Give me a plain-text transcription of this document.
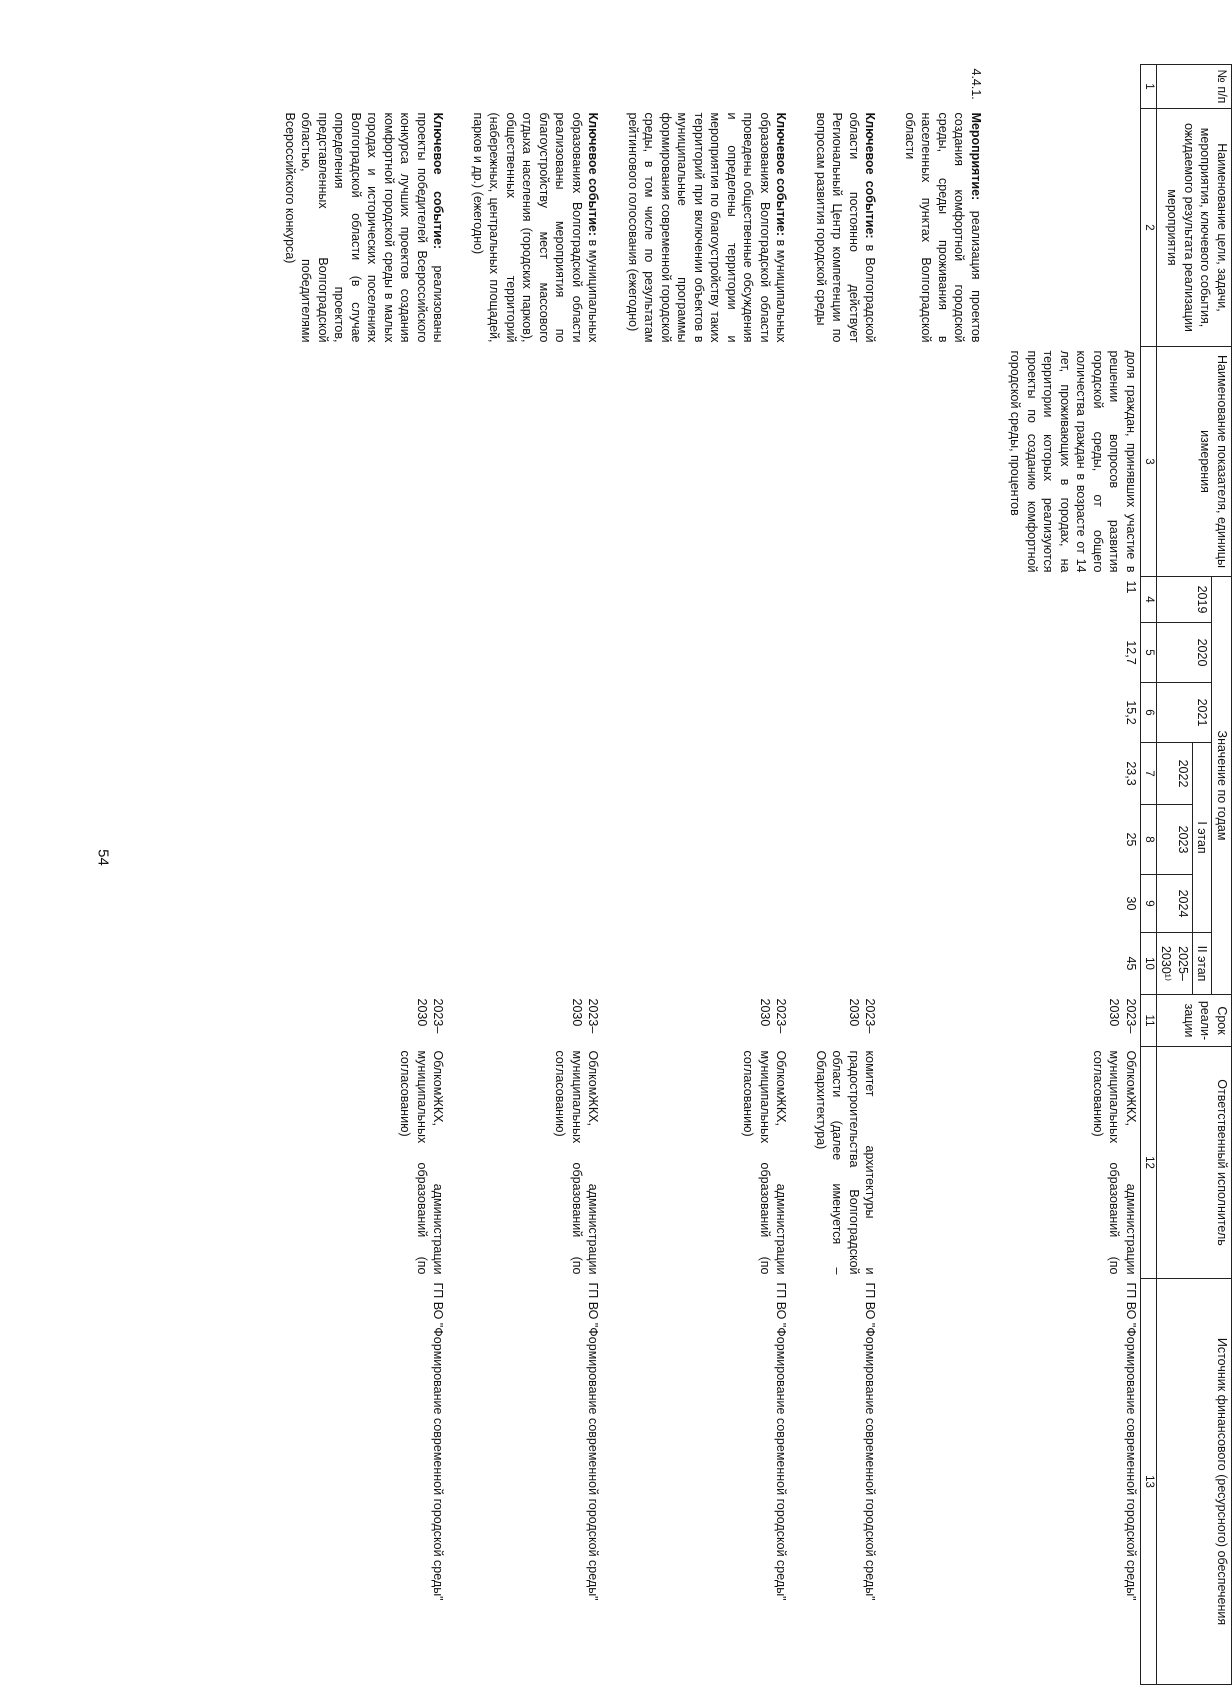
54
№ п/п	Наименование цели, задачи, мероприятия, ключевого события, ожидаемого результата реализации мероприятия	Наименование показателя, единицы измерения	Значение по годам							Срок реали-зации	Ответственный исполнитель	Источник финансового (ресурсного) обеспечения
			2019	2020	2021	I этап			II этап			
						2022	2023	2024	2025–2030¹⁾			
1	2	3	4	5	6	7	8	9	10	11	12	13
		доля граждан, принявших участие в решении вопросов развития городской среды, от общего количества граждан в возрасте от 14 лет, проживающих в городах, на территории которых реализуются проекты по созданию комфортной городской среды, процентов	11	12,7	15,2	23,3	25	30	45	2023–2030	ОблкомЖКХ, администрации муниципальных образований (по согласованию)	ГП ВО "Формирование современной городской среды"
4.4.1.	Мероприятие: реализация проектов создания комфортной городской среды, среды проживания в населенных пунктах Волгоградской области											
	Ключевое событие: в Волгоградской области постоянно действует Региональный Центр компетенции по вопросам развития городской среды									2023–2030	комитет архитектуры и градостроительства Волгоградской области (далее именуется – Облархитектура)	ГП ВО "Формирование современной городской среды"
	Ключевое событие: в муниципальных образованиях Волгоградской области проведены общественные обсуждения и определены территории и мероприятия по благоустройству таких территорий при включении объектов в муниципальные программы формирования современной городской среды, в том числе по результатам рейтингового голосования (ежегодно)									2023–2030	ОблкомЖКХ, администрации муниципальных образований (по согласованию)	ГП ВО "Формирование современной городской среды"
	Ключевое событие: в муниципальных образованиях Волгоградской области реализованы мероприятия по благоустройству мест массового отдыха населения (городских парков), общественных территорий (набережных, центральных площадей, парков и др.) (ежегодно)									2023–2030	ОблкомЖКХ, администрации муниципальных образований (по согласованию)	ГП ВО "Формирование современной городской среды"
	Ключевое событие: реализованы проекты победителей Всероссийского конкурса лучших проектов создания комфортной городской среды в малых городах и исторических поселениях Волгоградской области (в случае определения проектов, представленных Волгоградской областью, победителями Всероссийского конкурса)									2023–2030	ОблкомЖКХ, администрации муниципальных образований (по согласованию)	ГП ВО "Формирование современной городской среды"
